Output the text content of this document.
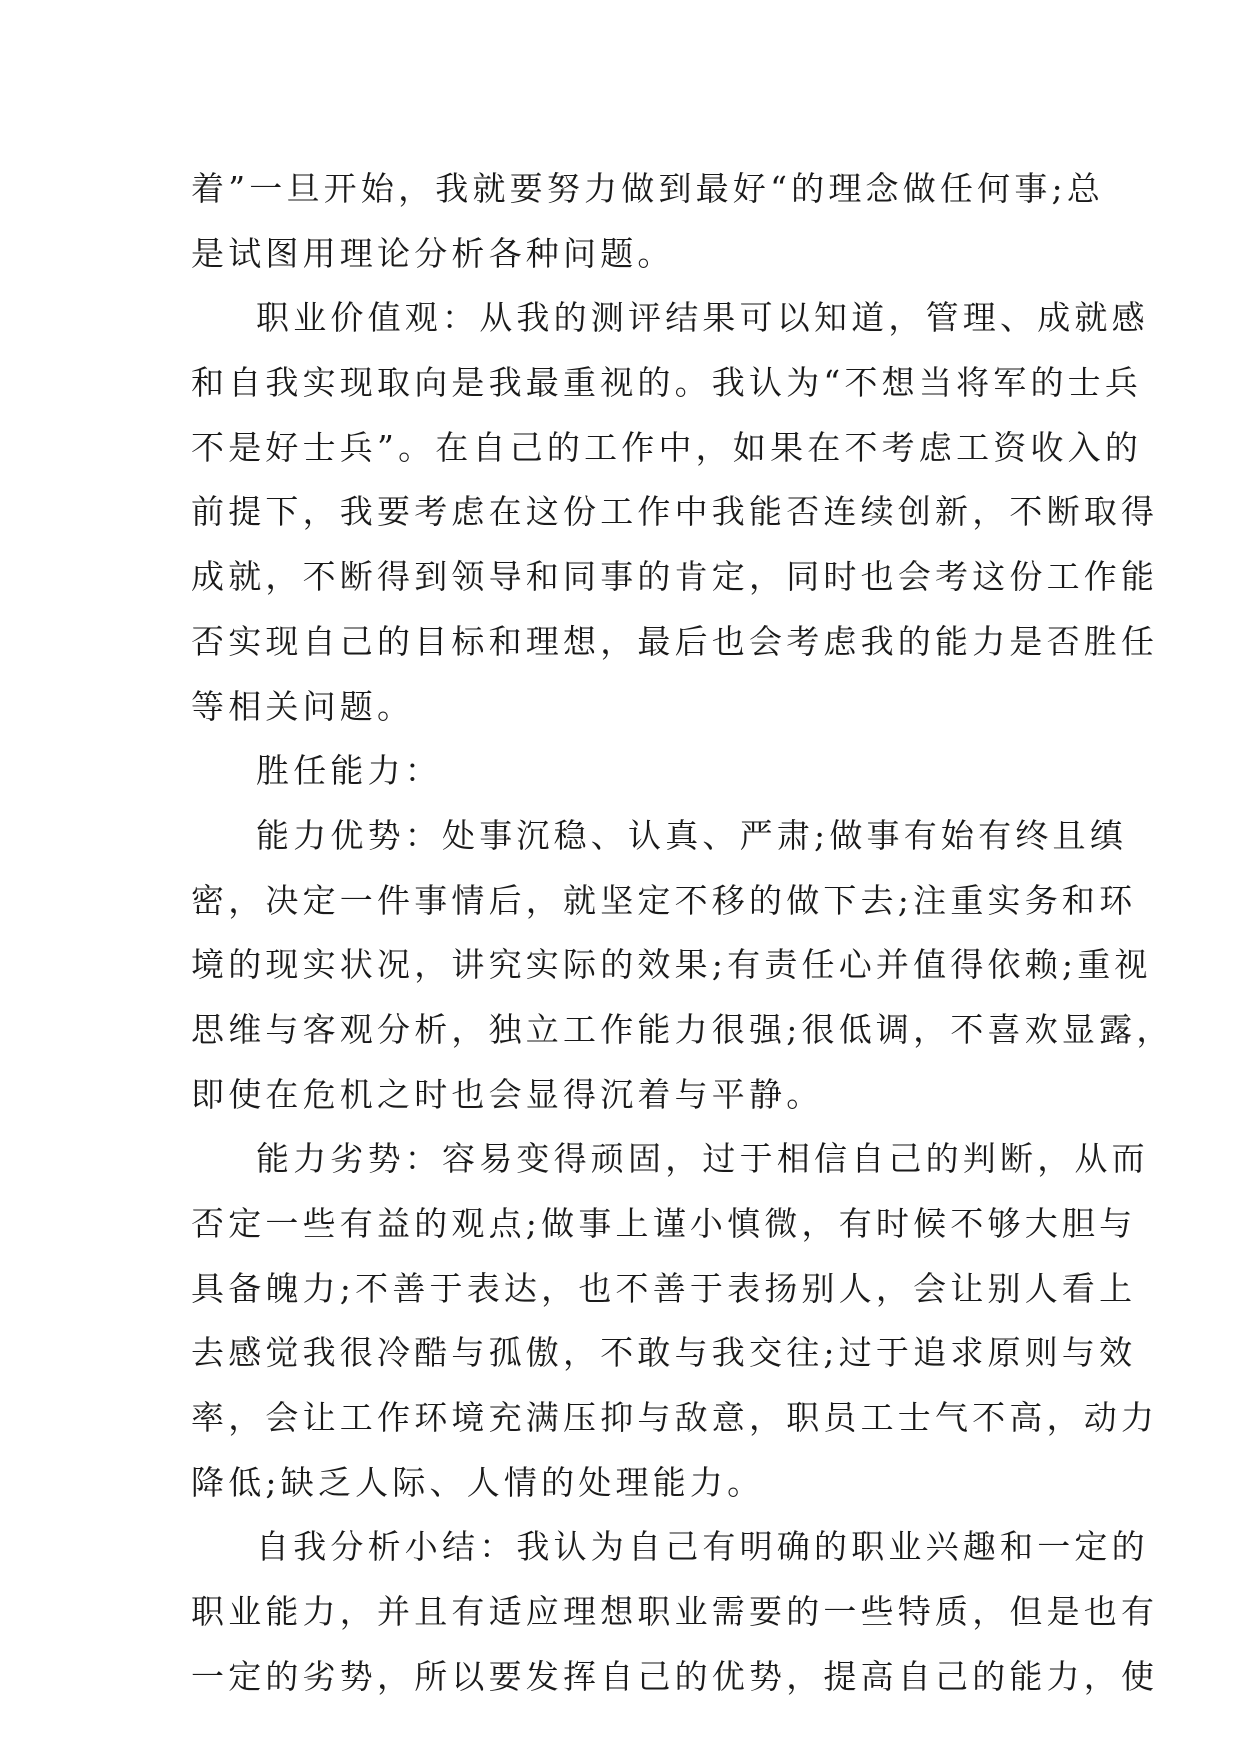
着”一旦开始，我就要努力做到最好“的理念做任何事;总
是试图用理论分析各种问题。
职业价值观：从我的测评结果可以知道，管理、成就感
和自我实现取向是我最重视的。我认为“不想当将军的士兵
不是好士兵”。在自己的工作中，如果在不考虑工资收入的
前提下，我要考虑在这份工作中我能否连续创新，不断取得
成就，不断得到领导和同事的肯定，同时也会考这份工作能
否实现自己的目标和理想，最后也会考虑我的能力是否胜任
等相关问题。
胜任能力：
能力优势：处事沉稳、认真、严肃;做事有始有终且缜
密，决定一件事情后，就坚定不移的做下去;注重实务和环
境的现实状况，讲究实际的效果;有责任心并值得依赖;重视
思维与客观分析，独立工作能力很强;很低调，不喜欢显露，
即使在危机之时也会显得沉着与平静。
能力劣势：容易变得顽固，过于相信自己的判断，从而
否定一些有益的观点;做事上谨小慎微，有时候不够大胆与
具备魄力;不善于表达，也不善于表扬别人，会让别人看上
去感觉我很冷酷与孤傲，不敢与我交往;过于追求原则与效
率，会让工作环境充满压抑与敌意，职员工士气不高，动力
降低;缺乏人际、人情的处理能力。
自我分析小结：我认为自己有明确的职业兴趣和一定的
职业能力，并且有适应理想职业需要的一些特质，但是也有
一定的劣势，所以要发挥自己的优势，提高自己的能力，使
